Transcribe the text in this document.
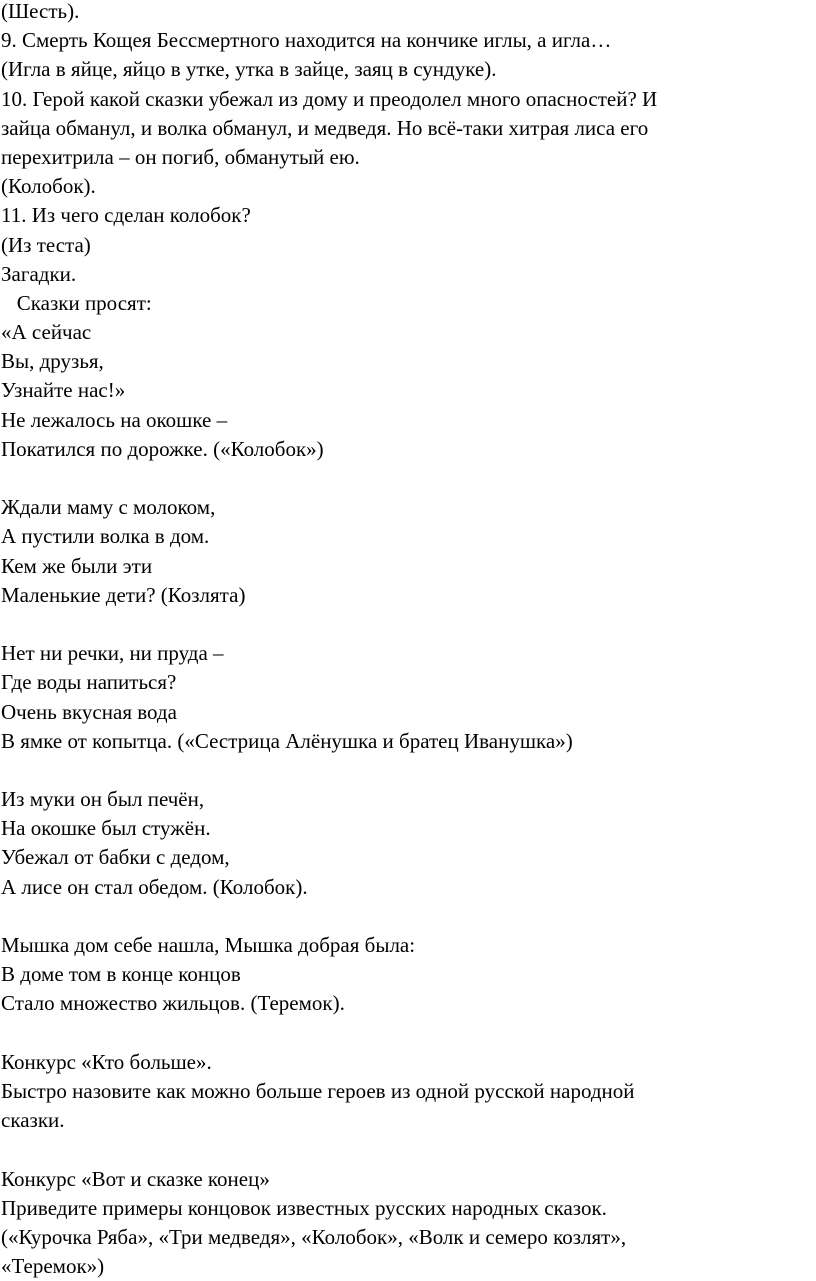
(Шесть).
9. Смерть Кощея Бессмертного находится на кончике иглы, а игла…
(Игла в яйце, яйцо в утке, утка в зайце, заяц в сундуке).
10. Герой какой сказки убежал из дому и преодолел много опасностей? И
зайца обманул, и волка обманул, и медведя. Но всё-таки хитрая лиса его
перехитрила – он погиб, обманутый ею.
(Колобок).
11. Из чего сделан колобок?
(Из теста)
Загадки.
Сказки просят:
«А сейчас
Вы, друзья,
Узнайте нас!»
Не лежалось на окошке –
Покатился по дорожке. («Колобок»)
Ждали маму с молоком,
А пустили волка в дом.
Кем же были эти
Маленькие дети? (Козлята)
Нет ни речки, ни пруда –
Где воды напиться?
Очень вкусная вода
В ямке от копытца. («Сестрица Алёнушка и братец Иванушка»)
Из муки он был печён,
На окошке был стужён.
Убежал от бабки с дедом,
А лисе он стал обедом. (Колобок).
Мышка дом себе нашла, Мышка добрая была:
В доме том в конце концов
Стало множество жильцов. (Теремок).
Конкурс «Кто больше».
Быстро назовите как можно больше героев из одной русской народной
сказки.
Конкурс «Вот и сказке конец»
Приведите примеры концовок известных русских народных сказок.
(«Курочка Ряба», «Три медведя», «Колобок», «Волк и семеро козлят»,
«Теремок»)
